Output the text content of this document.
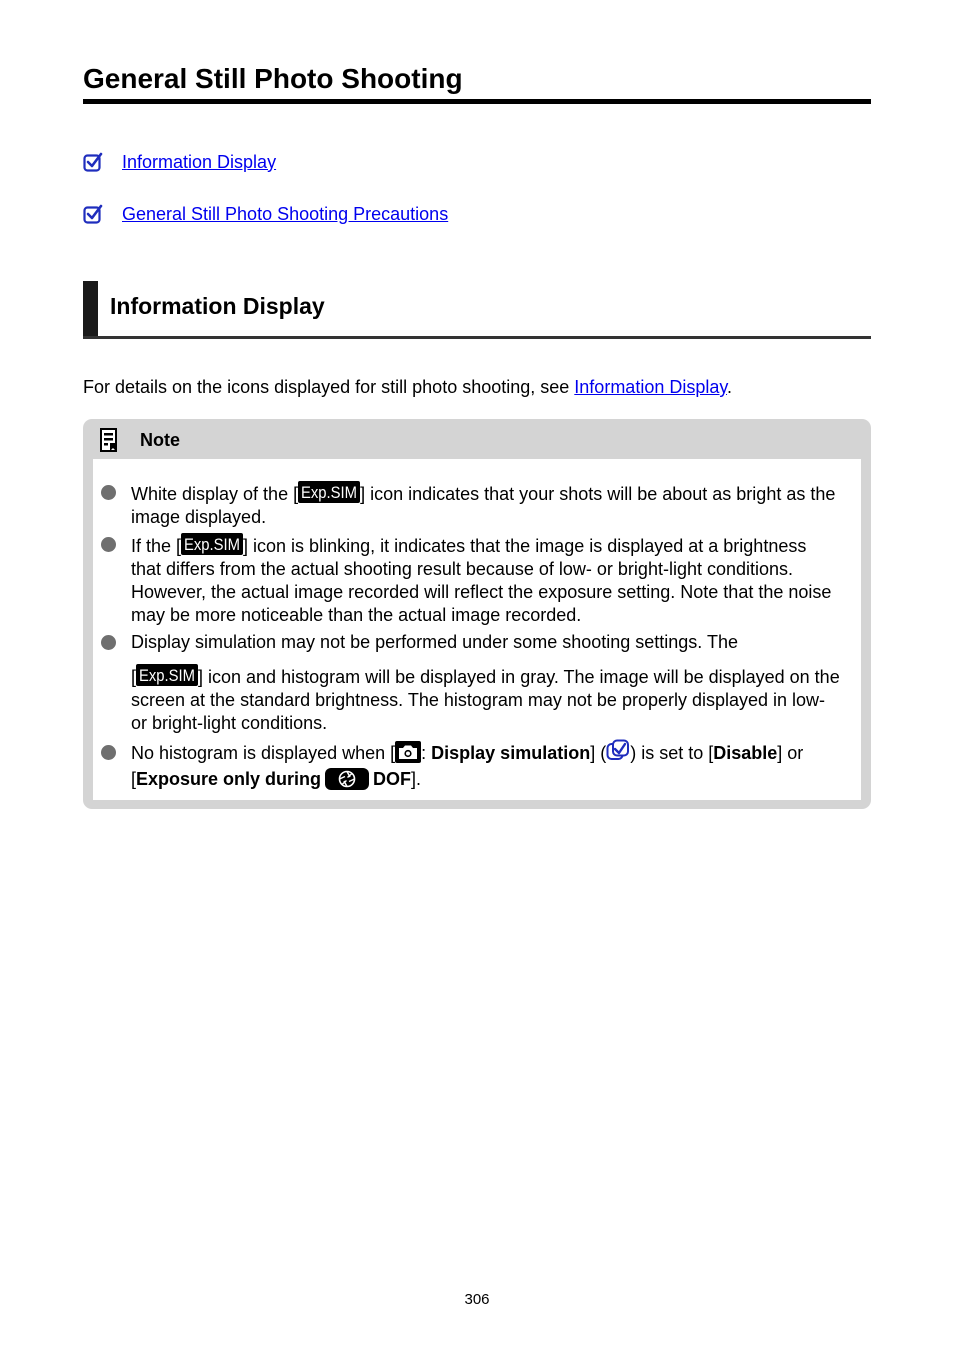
General Still Photo Shooting
Information Display
General Still Photo Shooting Precautions
Information Display
For details on the icons displayed for still photo shooting, see Information Display.
Note
White display of the [ Exp.SIM ] icon indicates that your shots will be about as bright as the image displayed.
If the [ Exp.SIM ] icon is blinking, it indicates that the image is displayed at a brightness that differs from the actual shooting result because of low- or bright-light conditions. However, the actual image recorded will reflect the exposure setting. Note that the noise may be more noticeable than the actual image recorded.
Display simulation may not be performed under some shooting settings. The
[ Exp.SIM ] icon and histogram will be displayed in gray. The image will be displayed on the screen at the standard brightness. The histogram may not be properly displayed in low- or bright-light conditions.
No histogram is displayed when [ : Display simulation] ( ) is set to [Disable] or [Exposure only during	DOF].
306
